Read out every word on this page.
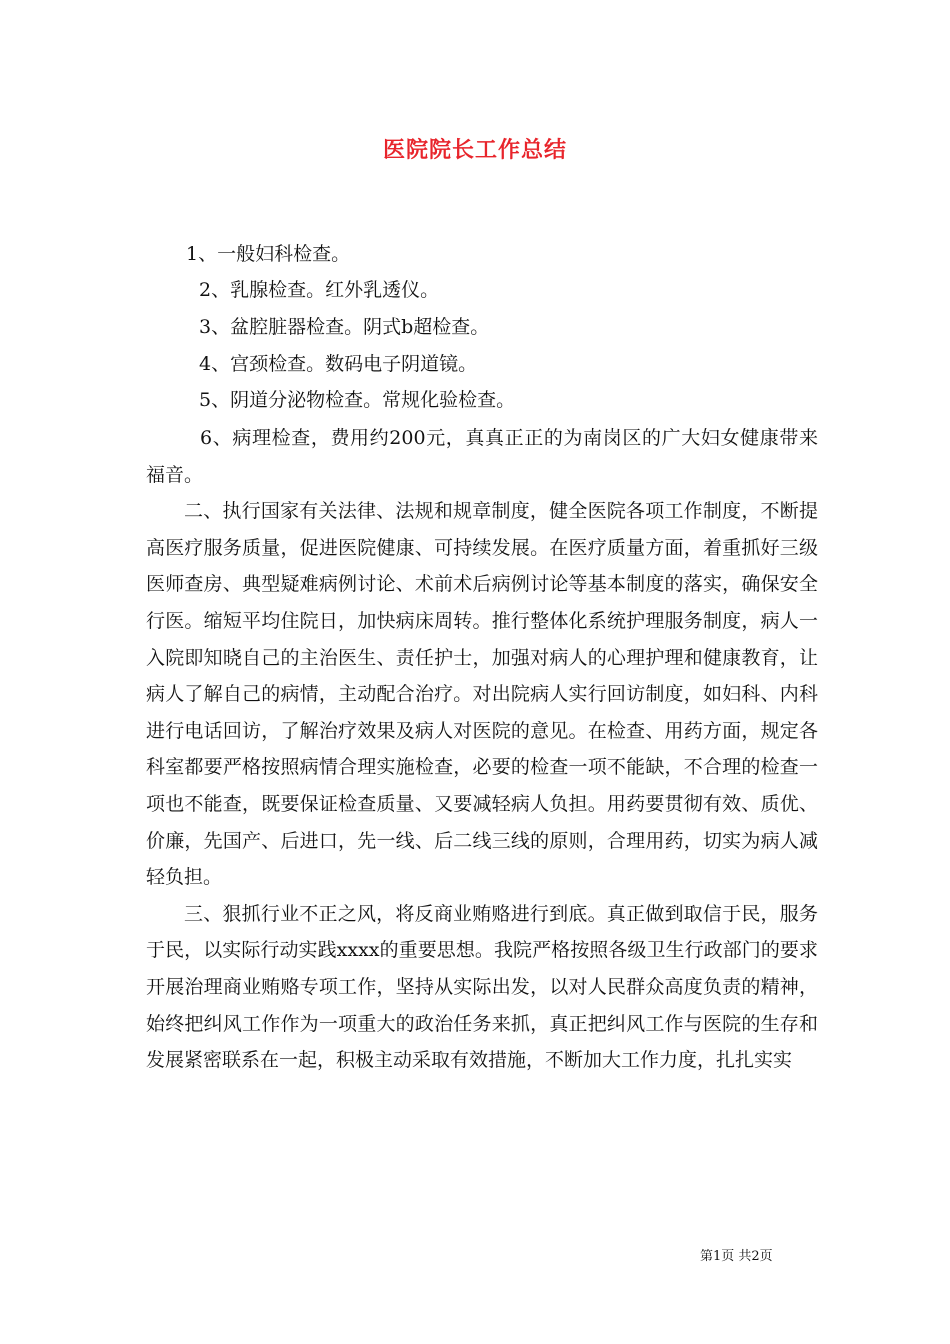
医院院长工作总结
1、一般妇科检查。
2、乳腺检查。红外乳透仪。
3、盆腔脏器检查。阴式b超检查。
4、宫颈检查。数码电子阴道镜。
5、阴道分泌物检查。常规化验检查。

6、病理检查，费用约200元，真真正正的为南岗区的广大妇女健康带来福音。

二、执行国家有关法律、法规和规章制度，健全医院各项工作制度，不断提高医疗服务质量，促进医院健康、可持续发展。在医疗质量方面，着重抓好三级医师查房、典型疑难病例讨论、术前术后病例讨论等基本制度的落实，确保安全行医。缩短平均住院日，加快病床周转。推行整体化系统护理服务制度，病人一入院即知晓自己的主治医生、责任护士，加强对病人的心理护理和健康教育，让病人了解自己的病情，主动配合治疗。对出院病人实行回访制度，如妇科、内科进行电话回访，了解治疗效果及病人对医院的意见。在检查、用药方面，规定各科室都要严格按照病情合理实施检查，必要的检查一项不能缺，不合理的检查一项也不能查，既要保证检查质量、又要减轻病人负担。用药要贯彻有效、质优、价廉，先国产、后进口，先一线、后二线三线的原则，合理用药，切实为病人减轻负担。

三、狠抓行业不正之风，将反商业贿赂进行到底。真正做到取信于民，服务于民，以实际行动实践xxxx的重要思想。我院严格按照各级卫生行政部门的要求开展治理商业贿赂专项工作，坚持从实际出发，以对人民群众高度负责的精神，始终把纠风工作作为一项重大的政治任务来抓，真正把纠风工作与医院的生存和发展紧密联系在一起，积极主动采取有效措施，不断加大工作力度，扎扎实实

第1页 共2页
